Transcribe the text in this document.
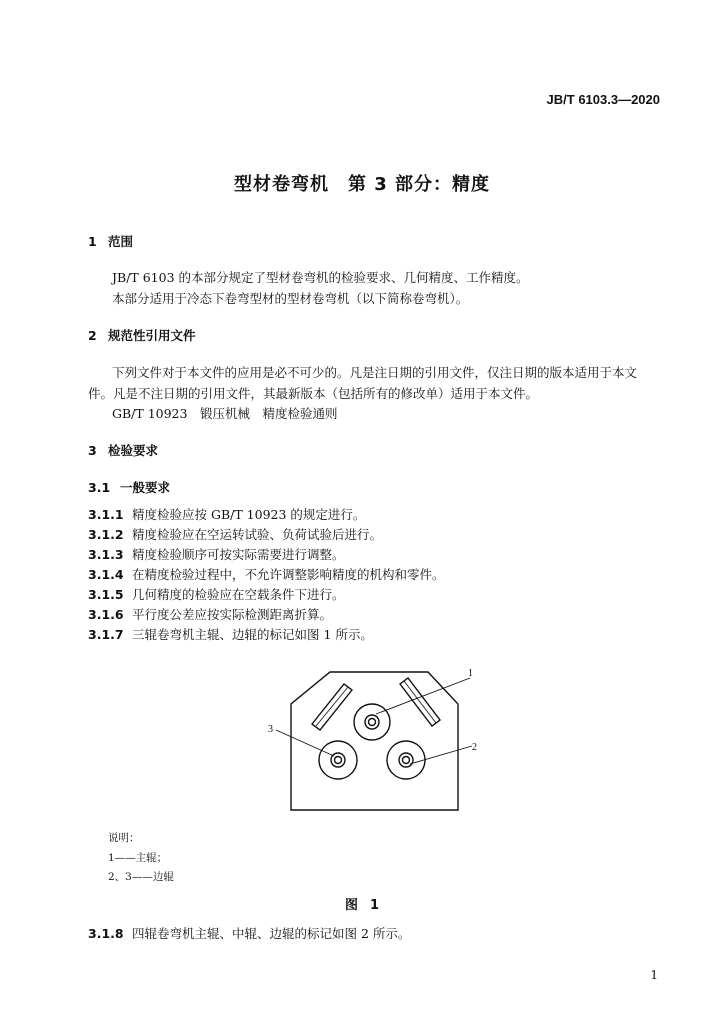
JB/T 6103.3—2020
型材卷弯机　第 3 部分：精度
1 范围
JB/T 6103 的本部分规定了型材卷弯机的检验要求、几何精度、工作精度。
本部分适用于冷态下卷弯型材的型材卷弯机（以下简称卷弯机）。
2 规范性引用文件
下列文件对于本文件的应用是必不可少的。凡是注日期的引用文件，仅注日期的版本适用于本文
件。凡是不注日期的引用文件，其最新版本（包括所有的修改单）适用于本文件。
GB/T 10923　锻压机械　精度检验通则
3 检验要求
3.1 一般要求
3.1.1 精度检验应按 GB/T 10923 的规定进行。
3.1.2 精度检验应在空运转试验、负荷试验后进行。
3.1.3 精度检验顺序可按实际需要进行调整。
3.1.4 在精度检验过程中，不允许调整影响精度的机构和零件。
3.1.5 几何精度的检验应在空载条件下进行。
3.1.6 平行度公差应按实际检测距离折算。
3.1.7 三辊卷弯机主辊、边辊的标记如图 1 所示。
1
2
3
说明：
1——主辊；
2、3——边辊
图 1
3.1.8 四辊卷弯机主辊、中辊、边辊的标记如图 2 所示。
1
